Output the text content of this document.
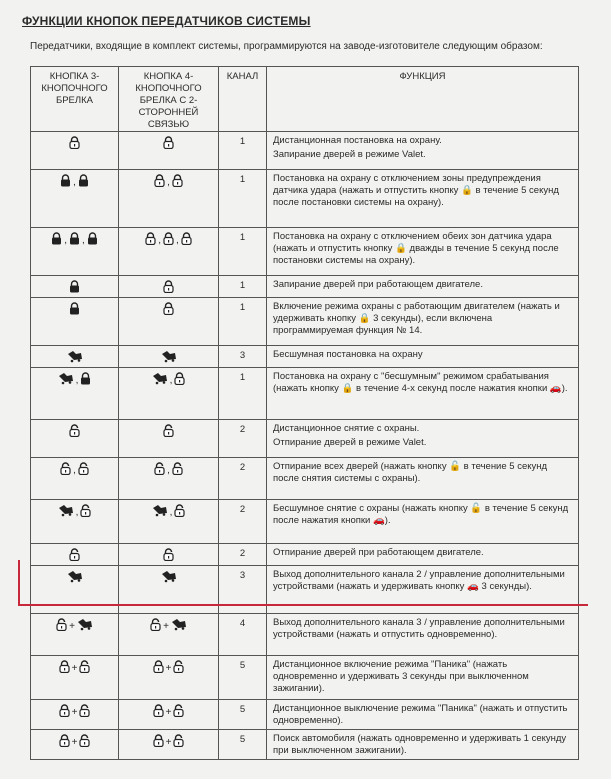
ФУНКЦИИ КНОПОК ПЕРЕДАТЧИКОВ СИСТЕМЫ
Передатчики, входящие в комплект системы, программируются на заводе-изготовителе следующим образом:
КНОПКА 3-КНОПОЧНОГО БРЕЛКА	КНОПКА 4-КНОПОЧНОГО БРЕЛКА С 2-СТОРОННЕЙ СВЯЗЬЮ	КАНАЛ	ФУНКЦИЯ
		1	Дистанционная постановка на охрану.
Запирание дверей в режиме Valet.

,	,	1	Постановка на охрану с отключением зоны предупреждения датчика удара (нажать и отпустить кнопку 🔒 в течение 5 секунд после постановки системы на охрану).

, ,	, ,	1	Постановка на охрану с отключением обеих зон датчика удара (нажать и отпустить кнопку 🔒 дважды в течение 5 секунд после постановки системы на охрану).

		1	Запирание дверей при работающем двигателе.

		1	Включение режима охраны с работающим двигателем (нажать и удерживать кнопку 🔒 3 секунды), если включена программируемая функция № 14.

		3	Бесшумная постановка на охрану

,	,	1	Постановка на охрану с "бесшумным" режимом срабатывания (нажать кнопку 🔒 в течение 4-х секунд после нажатия кнопки 🚗).

		2	Дистанционное снятие с охраны.
Отпирание дверей в режиме Valet.

,	,	2	Отпирание всех дверей (нажать кнопку 🔓 в течение 5 секунд после снятия системы с охраны).

,	,	2	Бесшумное снятие с охраны (нажать кнопку 🔓 в течение 5 секунд после нажатия кнопки 🚗).

		2	Отпирание дверей при работающем двигателе.

		3	Выход дополнительного канала 2 / управление дополнительными устройствами (нажать и удерживать кнопку 🚗 3 секунды).

+	+	4	Выход дополнительного канала 3 / управление дополнительными устройствами (нажать и отпустить одновременно).

+	+	5	Дистанционное включение режима "Паника" (нажать одновременно и удерживать 3 секунды при выключенном зажигании).

+	+	5	Дистанционное выключение режима "Паника" (нажать и отпустить одновременно).

+	+	5	Поиск автомобиля (нажать одновременно и удерживать 1 секунду при выключенном зажигании).
